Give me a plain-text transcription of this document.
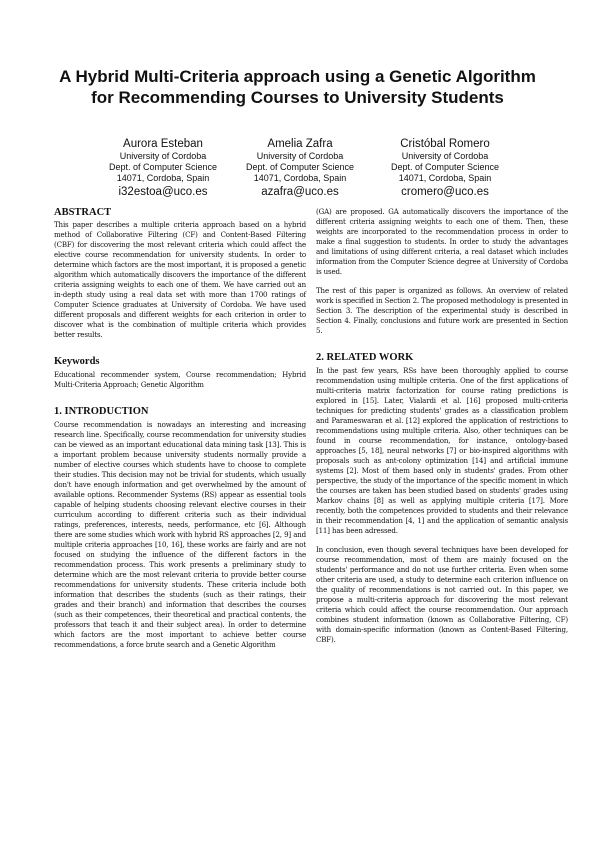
A Hybrid Multi-Criteria approach using a Genetic Algorithm
for Recommending Courses to University Students
Aurora Esteban
University of Cordoba
Dept. of Computer Science
14071, Cordoba, Spain
i32estoa@uco.es
Amelia Zafra
University of Cordoba
Dept. of Computer Science
14071, Cordoba, Spain
azafra@uco.es
Cristóbal Romero
University of Cordoba
Dept. of Computer Science
14071, Cordoba, Spain
cromero@uco.es
ABSTRACT

This paper describes a multiple criteria approach based on a hybrid method of Collaborative Filtering (CF) and Content-Based Filtering (CBF) for discovering the most relevant criteria which could affect the elective course recommendation for university students. In order to determine which factors are the most important, it is proposed a genetic algorithm which automatically discovers the importance of the different criteria assigning weights to each one of them. We have carried out an in-depth study using a real data set with more than 1700 ratings of Computer Science graduates at University of Cordoba. We have used different proposals and different weights for each criterion in order to discover what is the combination of multiple criteria which provides better results.

Keywords

Educational recommender system, Course recommendation; Hybrid Multi-Criteria Approach; Genetic Algorithm

1. INTRODUCTION

Course recommendation is nowadays an interesting and increasing research line. Specifically, course recommendation for university studies can be viewed as an important educational data mining task [13]. This is a important problem because university students normally provide a number of elective courses which students have to choose to complete their studies. This decision may not be trivial for students, which usually don't have enough information and get overwhelmed by the amount of available options. Recommender Systems (RS) appear as essential tools capable of helping students choosing relevant elective courses in their curriculum according to different criteria such as their individual ratings, preferences, interests, needs, performance, etc [6]. Although there are some studies which work with hybrid RS approaches [2, 9] and multiple criteria approaches [10, 16], these works are fairly and are not focused on studying the influence of the different factors in the recommendation process. This work presents a preliminary study to determine which are the most relevant criteria to provide better course recommendations for university students. These criteria include both information that describes the students (such as their ratings, their grades and their branch) and information that describes the courses (such as their competences, their theoretical and practical contents, the professors that teach it and their subject area). In order to determine which factors are the most important to achieve better course recommendations, a force brute search and a Genetic Algorithm

(GA) are proposed. GA automatically discovers the importance of the different criteria assigning weights to each one of them. Then, these weights are incorporated to the recommendation process in order to make a final suggestion to students. In order to study the advantages and limitations of using different criteria, a real dataset which includes information from the Computer Science degree at University of Cordoba is used.

The rest of this paper is organized as follows. An overview of related work is specified in Section 2. The proposed methodology is presented in Section 3. The description of the experimental study is described in Section 4. Finally, conclusions and future work are presented in Section 5.

2. RELATED WORK

In the past few years, RSs have been thoroughly applied to course recommendation using multiple criteria. One of the first applications of multi-criteria matrix factorization for course rating predictions is explored in [15]. Later, Vialardi et al. [16] proposed multi-criteria techniques for predicting students' grades as a classification problem and Parameswaran et al. [12] explored the application of restrictions to recommendations using multiple criteria. Also, other techniques can be found in course recommendation, for instance, ontology-based approaches [5, 18], neural networks [7] or bio-inspired algorithms with proposals such as ant-colony optimization [14] and artificial immune systems [2]. Most of them based only in students' grades. From other perspective, the study of the importance of the specific moment in which the courses are taken has been studied based on students' grades using Markov chains [8] as well as applying multiple criteria [17]. More recently, both the competences provided to students and their relevance in their recommendation [4, 1] and the application of semantic analysis [11] has been adressed.

In conclusion, even though several techniques have been developed for course recommendation, most of them are mainly focused on the students' performance and do not use further criteria. Even when some other criteria are used, a study to determine each criterion influence on the quality of recommendations is not carried out. In this paper, we propose a multi-criteria approach for discovering the most relevant criteria which could affect the course recommendation. Our approach combines student information (known as Collaborative Filtering, CF) with domain-specific information (known as Content-Based Filtering, CBF).
